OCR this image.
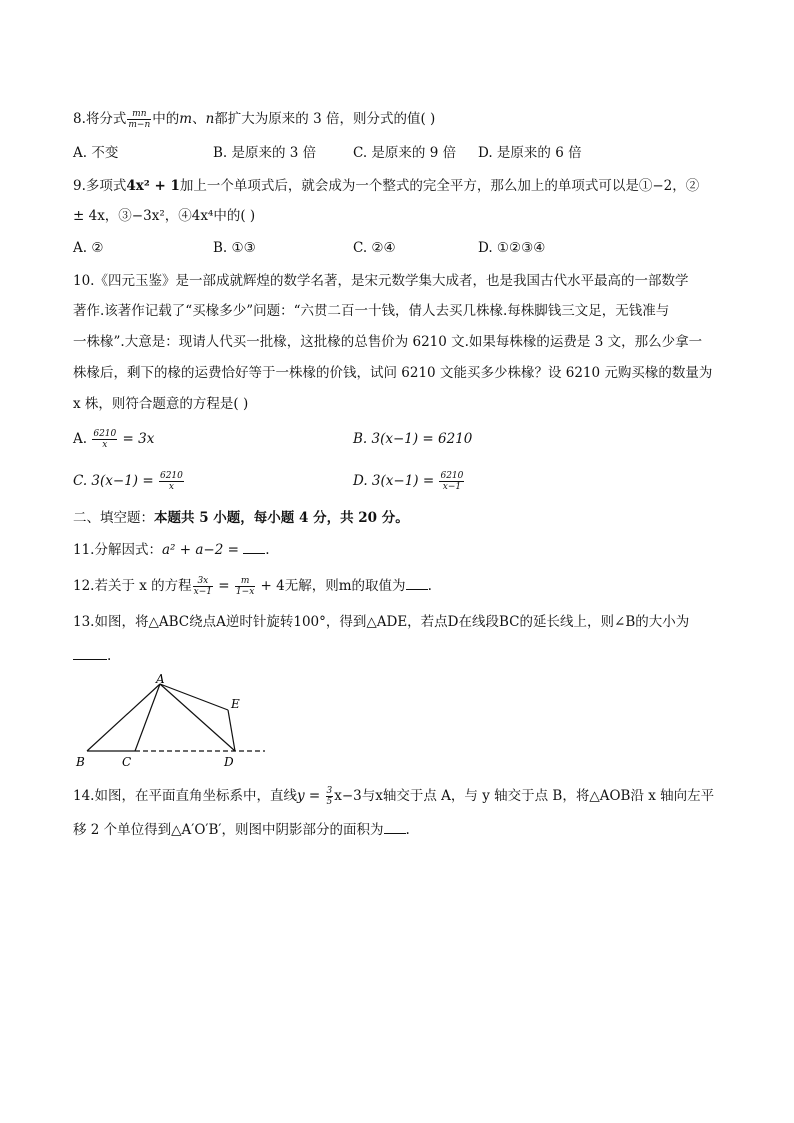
8.将分式 $\frac{mn}{m-n}$ 中的m、n都扩大为原来的 3 倍，则分式的值( )
A. 不变	B. 是原来的 3 倍	C. 是原来的 9 倍 D. 是原来的 6 倍
9.多项式4x² + 1加上一个单项式后，就会成为一个整式的完全平方，那么加上的单项式可以是①−2，②
± 4x，③−3x²，④4x⁴中的( )
A. ②	B. ①③	C. ②④	D. ①②③④
10.《四元玉鉴》是一部成就辉煌的数学名著，是宋元数学集大成者，也是我国古代水平最高的一部数学
著作.该著作记载了“买椽多少”问题：“六贯二百一十钱，倩人去买几株椽.每株脚钱三文足，无钱准与
一株椽”.大意是：现请人代买一批椽，这批椽的总售价为 6210 文.如果每株椽的运费是 3 文，那么少拿一
株椽后，剩下的椽的运费恰好等于一株椽的价钱，试问 6210 文能买多少株椽？设 6210 元购买椽的数量为
x 株，则符合题意的方程是( )
A. $\frac{6210}{x} = 3x$	B. 3(x−1) = 6210
C. $3(x-1) = \frac{6210}{x}$	D. $3(x-1) = \frac{6210}{x-1}$
二、填空题：本题共 5 小题，每小题 4 分，共 20 分。
11.分解因式：a² + a−2 = .
12.若关于 x 的方程 $\frac{3x}{x-1} = \frac{m}{1-x} + 4$无解，则m的取值为 .
13.如图，将△ABC绕点A逆时针旋转100°，得到△ADE，若点D在线段BC的延长线上，则∠B的大小为
.
A
E
B	C	D
14.如图，在平面直角坐标系中，直线$y = \frac{3}{5} x-3$与x轴交于点 A，与 y 轴交于点 B，将△AOB沿 x 轴向左平
移 2 个单位得到△A′O′B′，则图中阴影部分的面积为 .
